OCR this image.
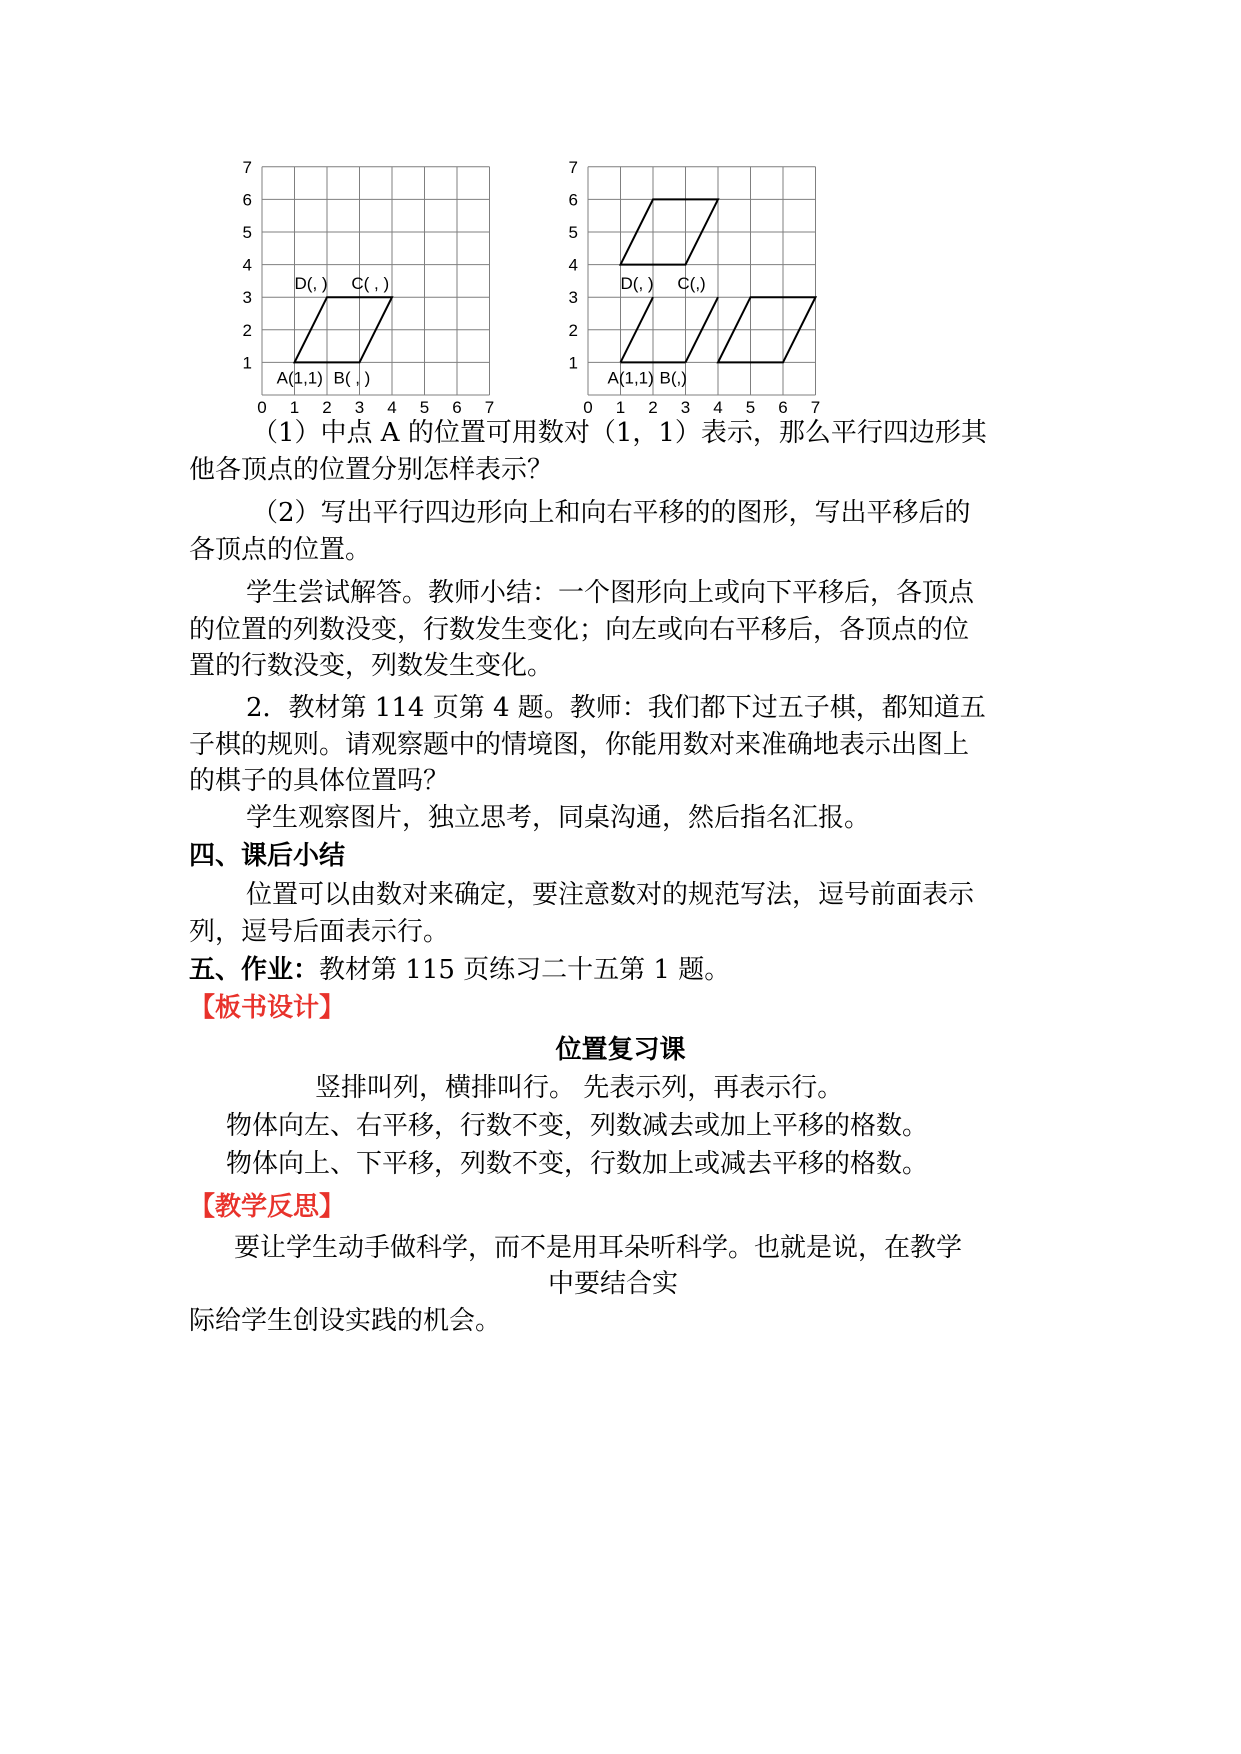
0 1 2 3 4 5 6 7
1
2
3
4
5
6
7
A(1,1) B( , )
D(, ) C( , )
0 1 2 3 4 5 6 7
1
2
3
4
5
6
7
A(1,1) B(,)
D(, ) C(,)
（1）中点 A 的位置可用数对（1，1）表示，那么平行四边形其
他各顶点的位置分别怎样表示？
（2）写出平行四边形向上和向右平移的的图形，写出平移后的
各顶点的位置。
学生尝试解答。教师小结：一个图形向上或向下平移后，各顶点
的位置的列数没变，行数发生变化；向左或向右平移后，各顶点的位
置的行数没变，列数发生变化。
2．教材第 114 页第 4 题。教师：我们都下过五子棋，都知道五
子棋的规则。请观察题中的情境图，你能用数对来准确地表示出图上
的棋子的具体位置吗？
学生观察图片，独立思考，同桌沟通，然后指名汇报。
四、课后小结
位置可以由数对来确定，要注意数对的规范写法，逗号前面表示
列，逗号后面表示行。
五、作业：教材第 115 页练习二十五第 1 题。
【板书设计】
位置复习课
竖排叫列，横排叫行。 先表示列，再表示行。
物体向左、右平移，行数不变，列数减去或加上平移的格数。
物体向上、下平移，列数不变，行数加上或减去平移的格数。
【教学反思】
要让学生动手做科学，而不是用耳朵听科学。也就是说，在教学
中要结合实
际给学生创设实践的机会。
